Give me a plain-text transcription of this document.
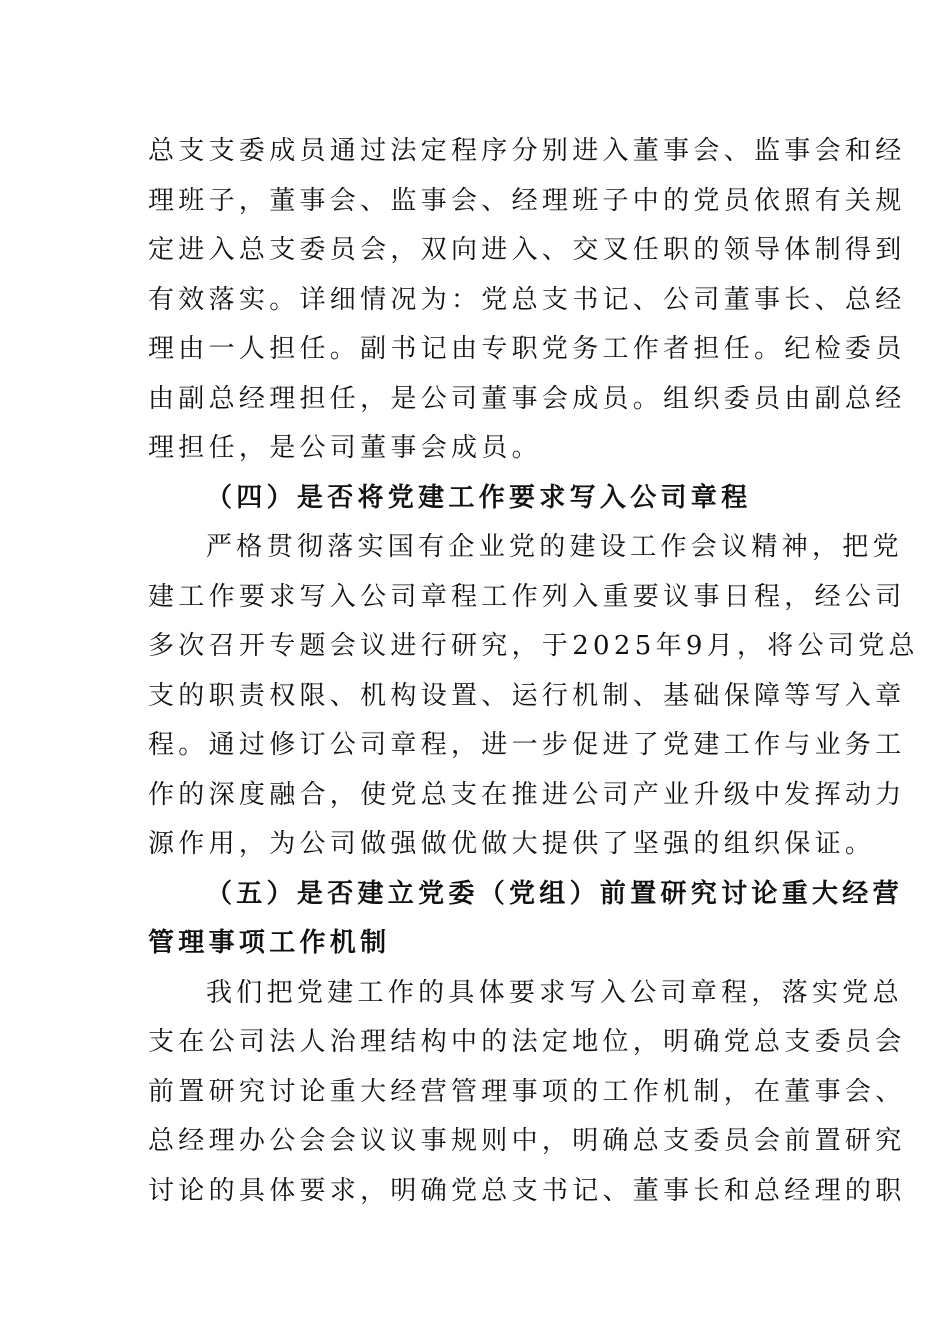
总支支委成员通过法定程序分别进入董事会、监事会和经
理班子，董事会、监事会、经理班子中的党员依照有关规
定进入总支委员会，双向进入、交叉任职的领导体制得到
有效落实。详细情况为：党总支书记、公司董事长、总经
理由一人担任。副书记由专职党务工作者担任。纪检委员
由副总经理担任，是公司董事会成员。组织委员由副总经
理担任，是公司董事会成员。
（四）是否将党建工作要求写入公司章程
严格贯彻落实国有企业党的建设工作会议精神，把党
建工作要求写入公司章程工作列入重要议事日程，经公司
多次召开专题会议进行研究，于2025年9月，将公司党总
支的职责权限、机构设置、运行机制、基础保障等写入章
程。通过修订公司章程，进一步促进了党建工作与业务工
作的深度融合，使党总支在推进公司产业升级中发挥动力
源作用，为公司做强做优做大提供了坚强的组织保证。
（五）是否建立党委（党组）前置研究讨论重大经营
管理事项工作机制
我们把党建工作的具体要求写入公司章程，落实党总
支在公司法人治理结构中的法定地位，明确党总支委员会
前置研究讨论重大经营管理事项的工作机制，在董事会、
总经理办公会会议议事规则中，明确总支委员会前置研究
讨论的具体要求，明确党总支书记、董事长和总经理的职
